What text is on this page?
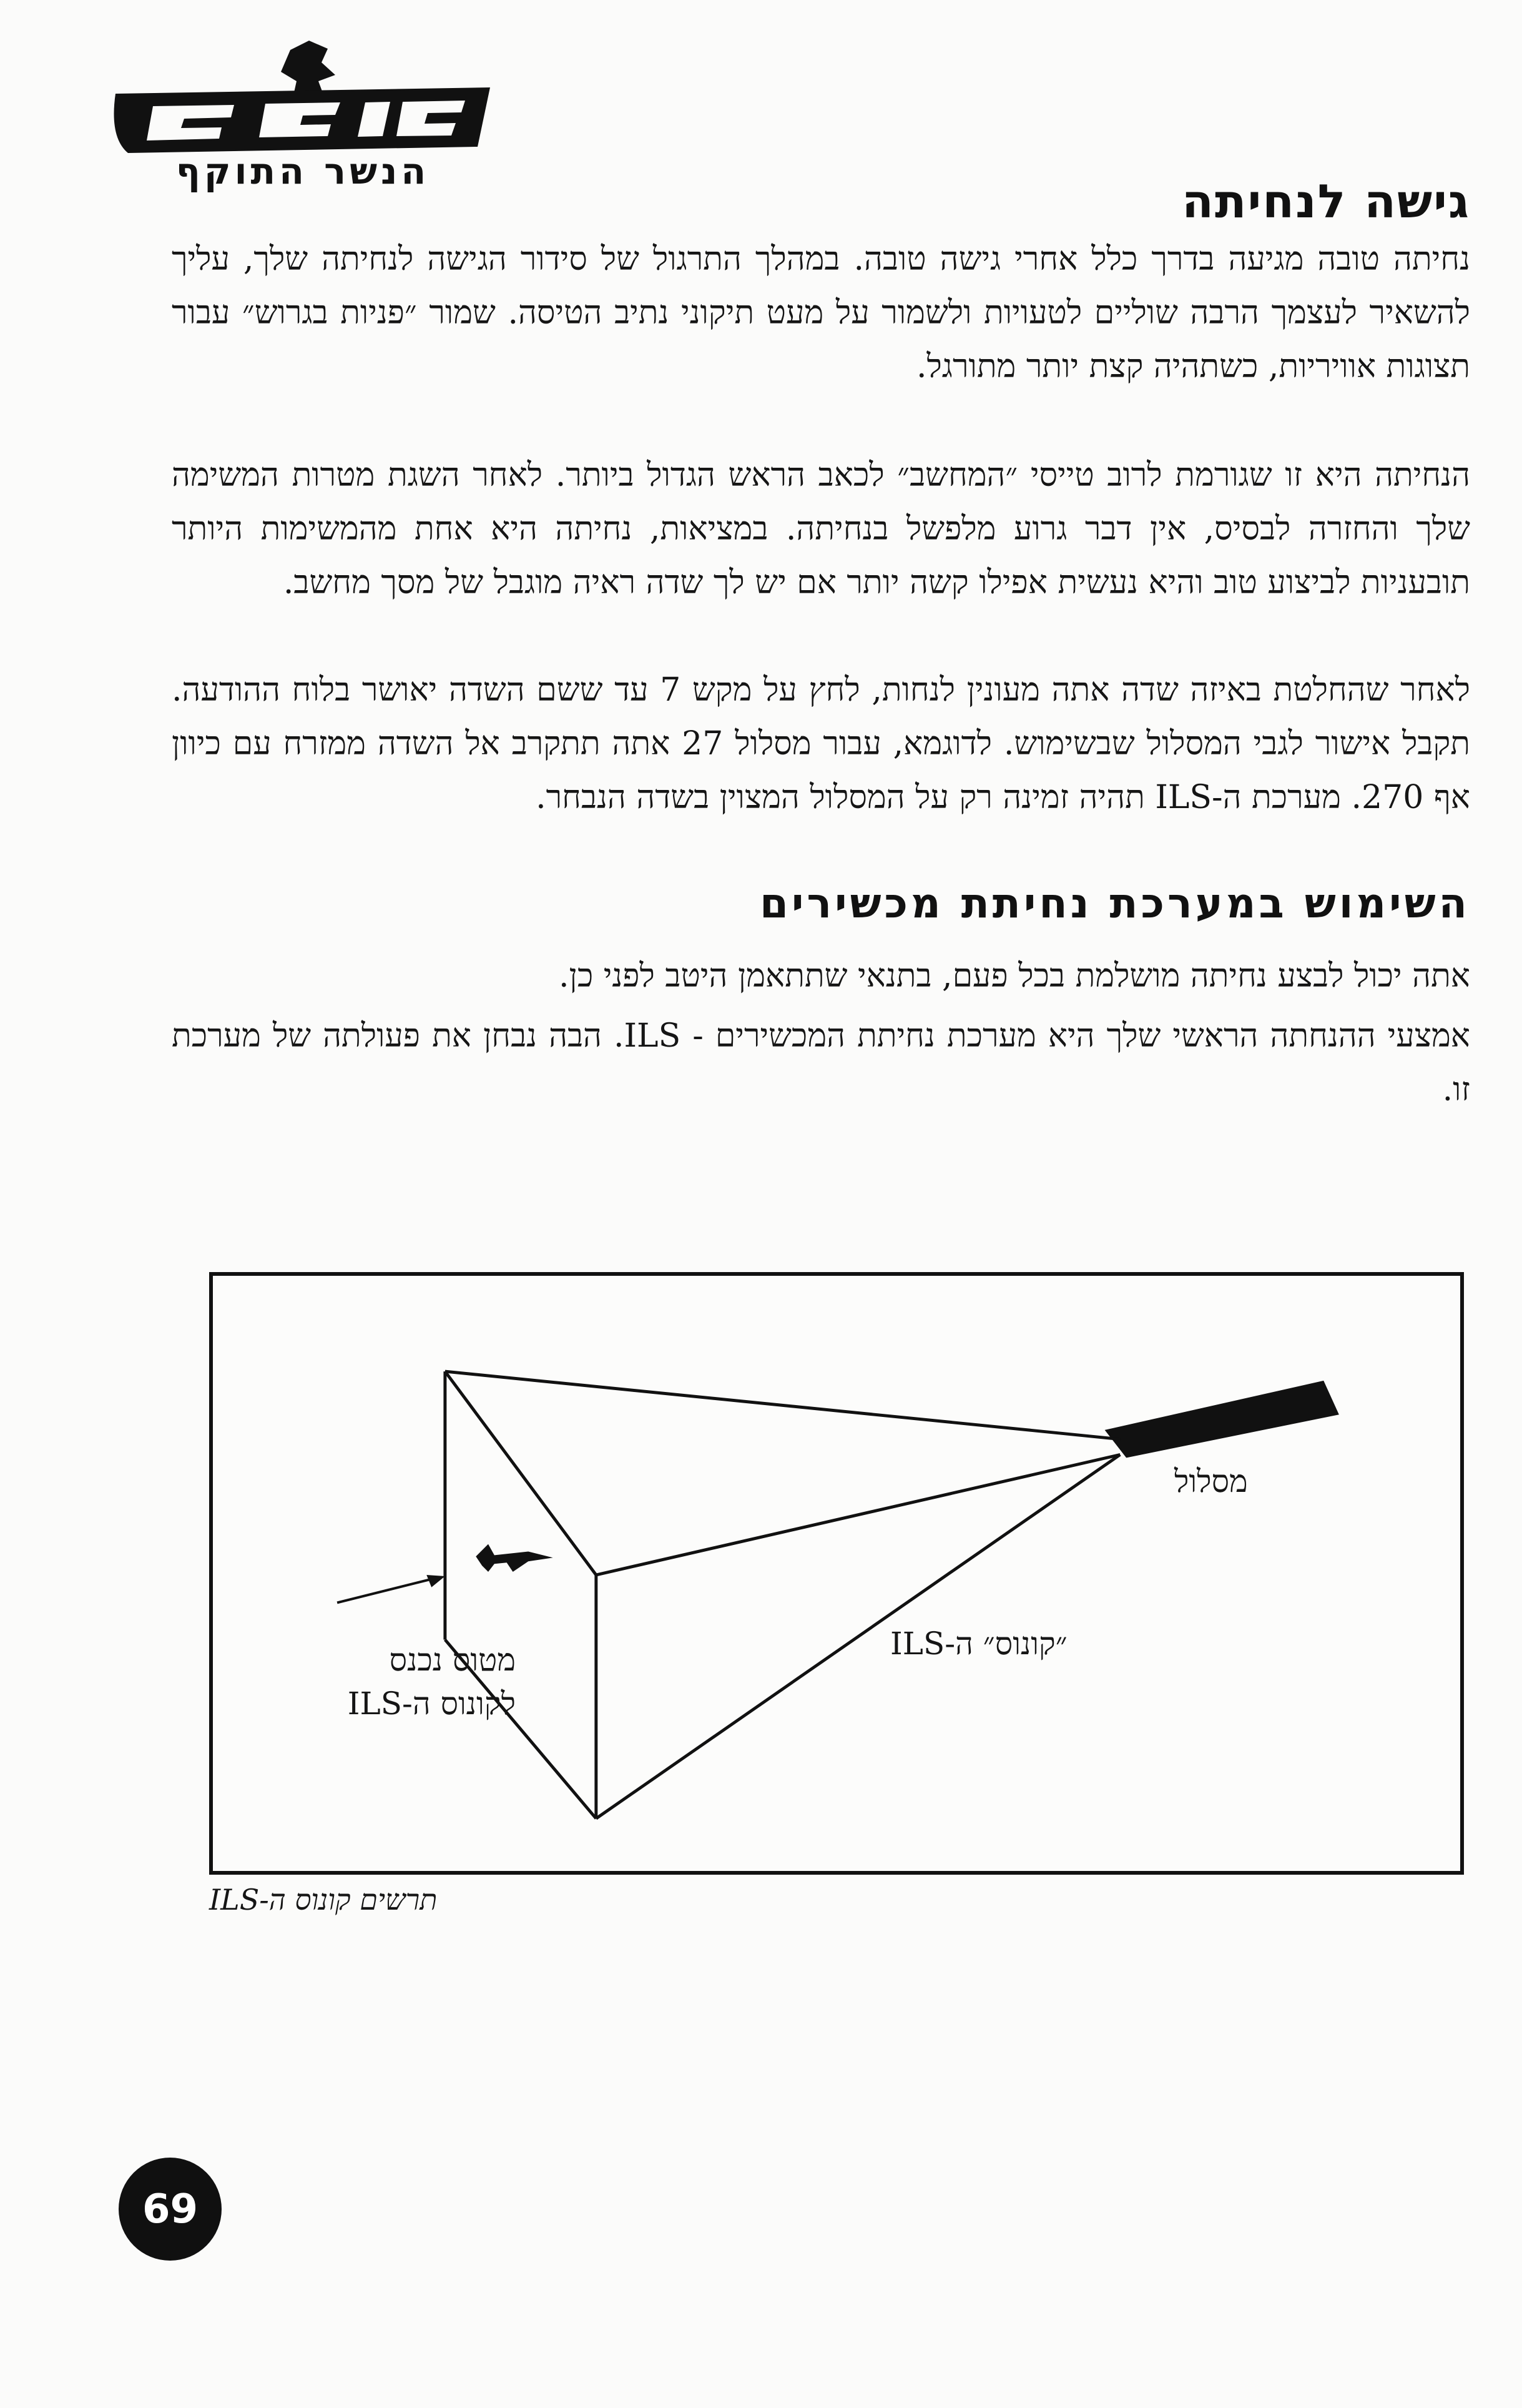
הנשר התוקף
גישה לנחיתה
נחיתה טובה מגיעה בדרך כלל אחרי גישה טובה. במהלך התרגול של סידור הגישה לנחיתה שלך, עליך להשאיר לעצמך הרבה שוליים לטעויות ולשמור על מעט תיקוני נתיב הטיסה. שמור ״פניות בגרוש״ עבור תצוגות אוויריות, כשתהיה קצת יותר מתורגל.
הנחיתה היא זו שגורמת לרוב טייסי ״המחשב״ לכאב הראש הגדול ביותר. לאחר השגת מטרות המשימה שלך והחזרה לבסיס, אין דבר גרוע מלפשל בנחיתה. במציאות, נחיתה היא אחת מהמשימות היותר תובעניות לביצוע טוב והיא נעשית אפילו קשה יותר אם יש לך שדה ראיה מוגבל של מסך מחשב.
לאחר שהחלטת באיזה שדה אתה מעונין לנחות, לחץ על מקש 7 עד ששם השדה יאושר בלוח ההודעה. תקבל אישור לגבי המסלול שבשימוש. לדוגמא, עבור מסלול 27 אתה תתקרב אל השדה ממזרח עם כיוון אף 270. מערכת ה-ILS תהיה זמינה רק על המסלול המצוין בשדה הנבחר.
השימוש במערכת נחיתת מכשירים
אתה יכול לבצע נחיתה מושלמת בכל פעם, בתנאי שתתאמן היטב לפני כן.
אמצעי ההנחתה הראשי שלך היא מערכת נחיתת המכשירים - ILS. הבה נבחן את פעולתה של מערכת זו.
מסלול
״קונוס״ ה-ILS
מטוס נכנס
לקונוס ה-ILS
תרשים קונוס ה-ILS
69
